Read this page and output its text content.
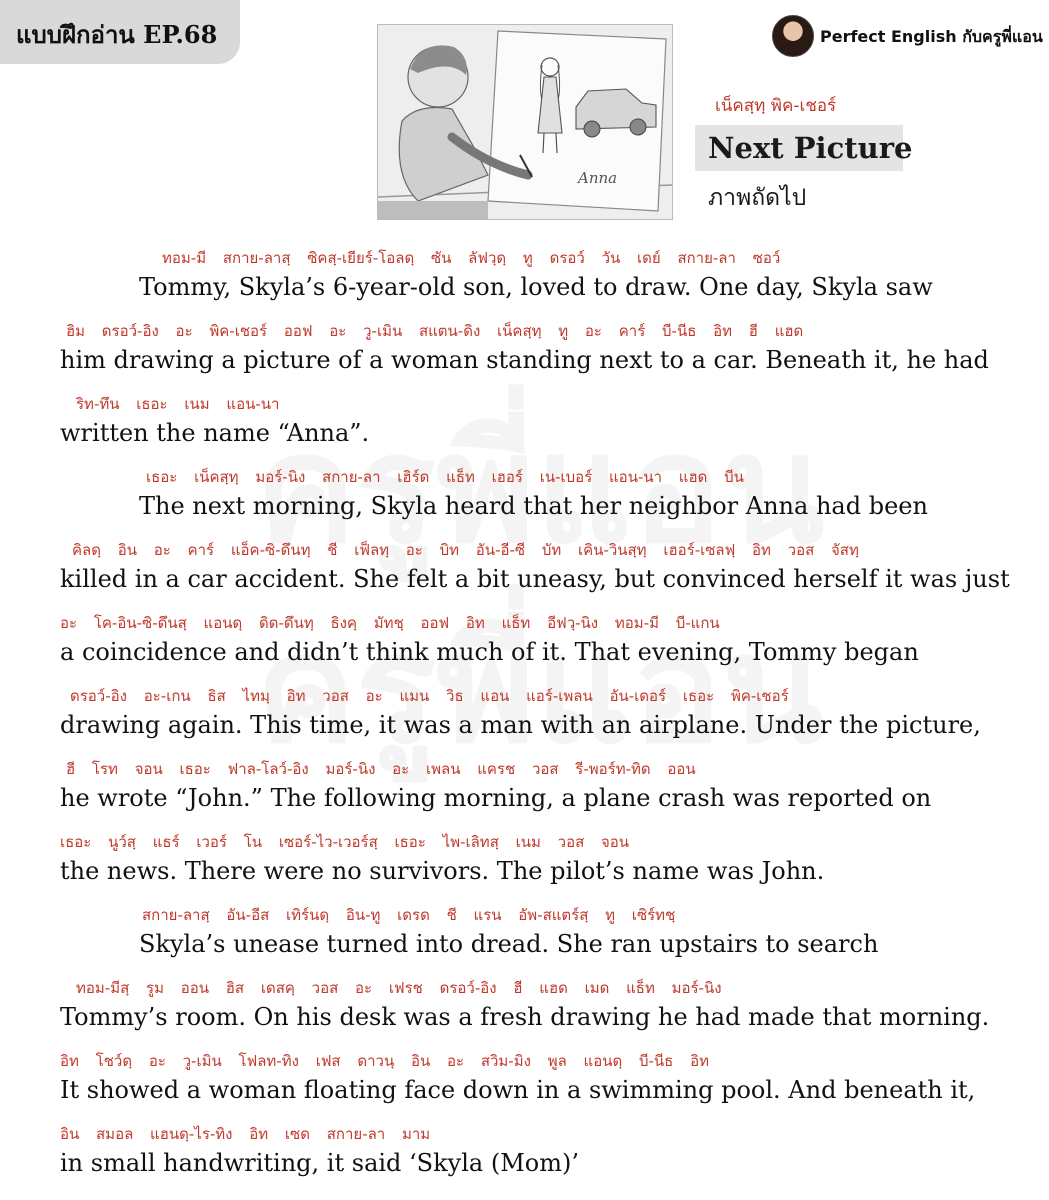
แบบฝึกอ่าน EP.68	Perfect English กับครูพี่แอน
Anna
เน็คสฺทฺ พิค-เชอร์
Next Picture
ภาพถัดไป
ทอม-มี สกาย-ลาสฺ ซิคสฺ-เยียร์-โอลดฺ ซัน ลัฟวฺดฺ ทู ดรอว์ วัน เดย์ สกาย-ลา ซอว์
Tommy, Skyla’s 6-year-old son, loved to draw. One day, Skyla saw
ฮิม ดรอว์-อิง อะ พิค-เชอร์ ออฟ อะ วู-เมิน สแตน-ดิง เน็คสฺทฺ ทู อะ คาร์ บี-นีธ อิท ฮี แฮด
him drawing a picture of a woman standing next to a car. Beneath it, he had
ริท-ทึน เธอะ เนม แอน-นา
written the name “Anna”.
เธอะ เน็คสฺทฺ มอร์-นิง สกาย-ลา เฮิร์ด แธ็ท เฮอร์ เน-เบอร์ แอน-นา แฮด บีน
The next morning, Skyla heard that her neighbor Anna had been
คิลดฺ อิน อะ คาร์ แอ็ค-ซิ-ดึนทฺ ชี เฟ็ลทฺ อะ บิท อัน-อี-ซี บัท เคิน-วินสฺทฺ เฮอร์-เซลฟฺ อิท วอส จัสทฺ
killed in a car accident. She felt a bit uneasy, but convinced herself it was just
อะ โค-อิน-ซิ-ดึนสฺ แอนดฺ ดิด-ดึนทฺ ธิงคฺ มัทชฺ ออฟ อิท แธ็ท อีฟวฺ-นิง ทอม-มี บี-แกน
a coincidence and didn’t think much of it. That evening, Tommy began
ดรอว์-อิง อะ-เกน ธิส ไทมฺ อิท วอส อะ แมน วิธ แอน แอร์-เพลน อัน-เดอร์ เธอะ พิค-เชอร์
drawing again. This time, it was a man with an airplane. Under the picture,
ฮี โรท จอน เธอะ ฟาล-โลว์-อิง มอร์-นิง อะ เพลน แครช วอส รี-พอร์ท-ทิด ออน
he wrote “John.” The following morning, a plane crash was reported on
เธอะ นูว์สฺ แธร์ เวอร์ โน เซอร์-ไว-เวอร์สฺ เธอะ ไพ-เลิทสฺ เนม วอส จอน
the news. There were no survivors. The pilot’s name was John.
สกาย-ลาสฺ อัน-อีส เทิร์นดฺ อิน-ทู เดรด ชี แรน อัพ-สแตร์สฺ ทู เซิร์ทชฺ
Skyla’s unease turned into dread. She ran upstairs to search
ทอม-มีสฺ รูม ออน ฮิส เดสคฺ วอส อะ เฟรช ดรอว์-อิง ฮี แฮด เมด แธ็ท มอร์-นิง
Tommy’s room. On his desk was a fresh drawing he had made that morning.
อิท โชว์ดฺ อะ วู-เมิน โฟลท-ทิง เฟส ดาวนฺ อิน อะ สวิม-มิง พูล แอนดฺ บี-นีธ อิท
It showed a woman floating face down in a swimming pool. And beneath it,
อิน สมอล แฮนดฺ-ไร-ทิง อิท เซด สกาย-ลา มาม
in small handwriting, it said ‘Skyla (Mom)’
